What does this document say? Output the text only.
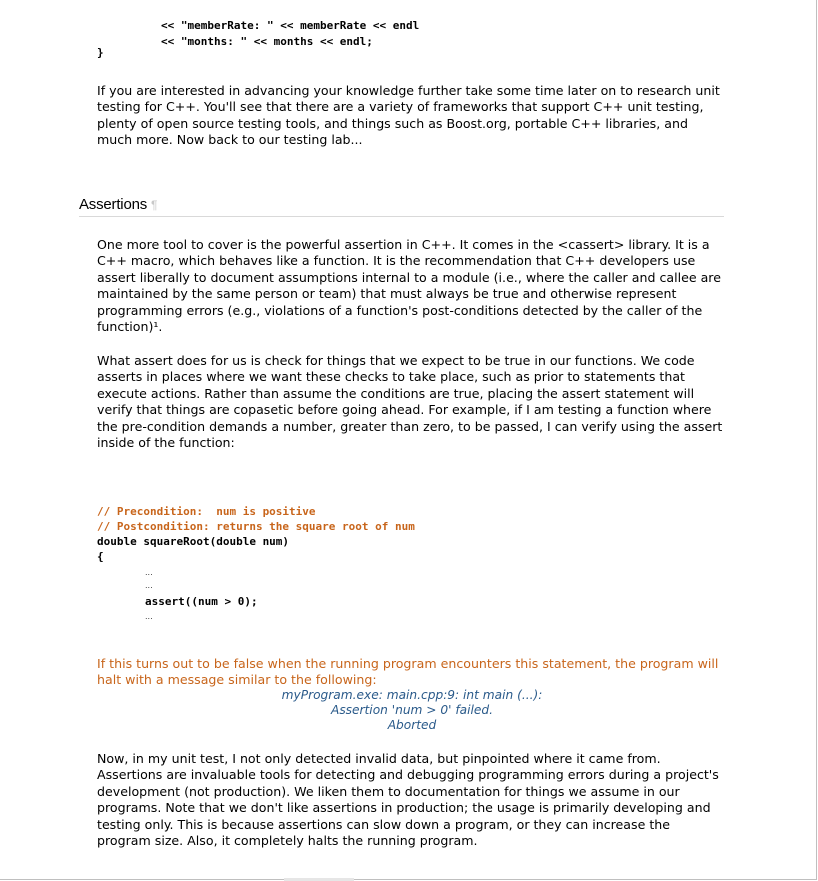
<< "memberRate: " << memberRate << endl
<< "months: " << months << endl;
}
If you are interested in advancing your knowledge further take some time later on to research unit testing for C++. You'll see that there are a variety of frameworks that support C++ unit testing, plenty of open source testing tools, and things such as Boost.org, portable C++ libraries, and much more. Now back to our testing lab...
Assertions ¶
One more tool to cover is the powerful assertion in C++. It comes in the <cassert> library. It is a C++ macro, which behaves like a function. It is the recommendation that C++ developers use assert liberally to document assumptions internal to a module (i.e., where the caller and callee are maintained by the same person or team) that must always be true and otherwise represent programming errors (e.g., violations of a function's post-conditions detected by the caller of the function)¹.
What assert does for us is check for things that we expect to be true in our functions. We code asserts in places where we want these checks to take place, such as prior to statements that execute actions. Rather than assume the conditions are true, placing the assert statement will verify that things are copasetic before going ahead. For example, if I am testing a function where the pre-condition demands a number, greater than zero, to be passed, I can verify using the assert inside of the function:
// Precondition:  num is positive
// Postcondition: returns the square root of num
double squareRoot(double num)
{
...
...
assert((num > 0);
...
If this turns out to be false when the running program encounters this statement, the program will halt with a message similar to the following:
myProgram.exe: main.cpp:9: int main (...):
Assertion 'num > 0' failed.
Aborted
Now, in my unit test, I not only detected invalid data, but pinpointed where it came from. Assertions are invaluable tools for detecting and debugging programming errors during a project's development (not production). We liken them to documentation for things we assume in our programs. Note that we don't like assertions in production; the usage is primarily developing and testing only. This is because assertions can slow down a program, or they can increase the program size. Also, it completely halts the running program.
